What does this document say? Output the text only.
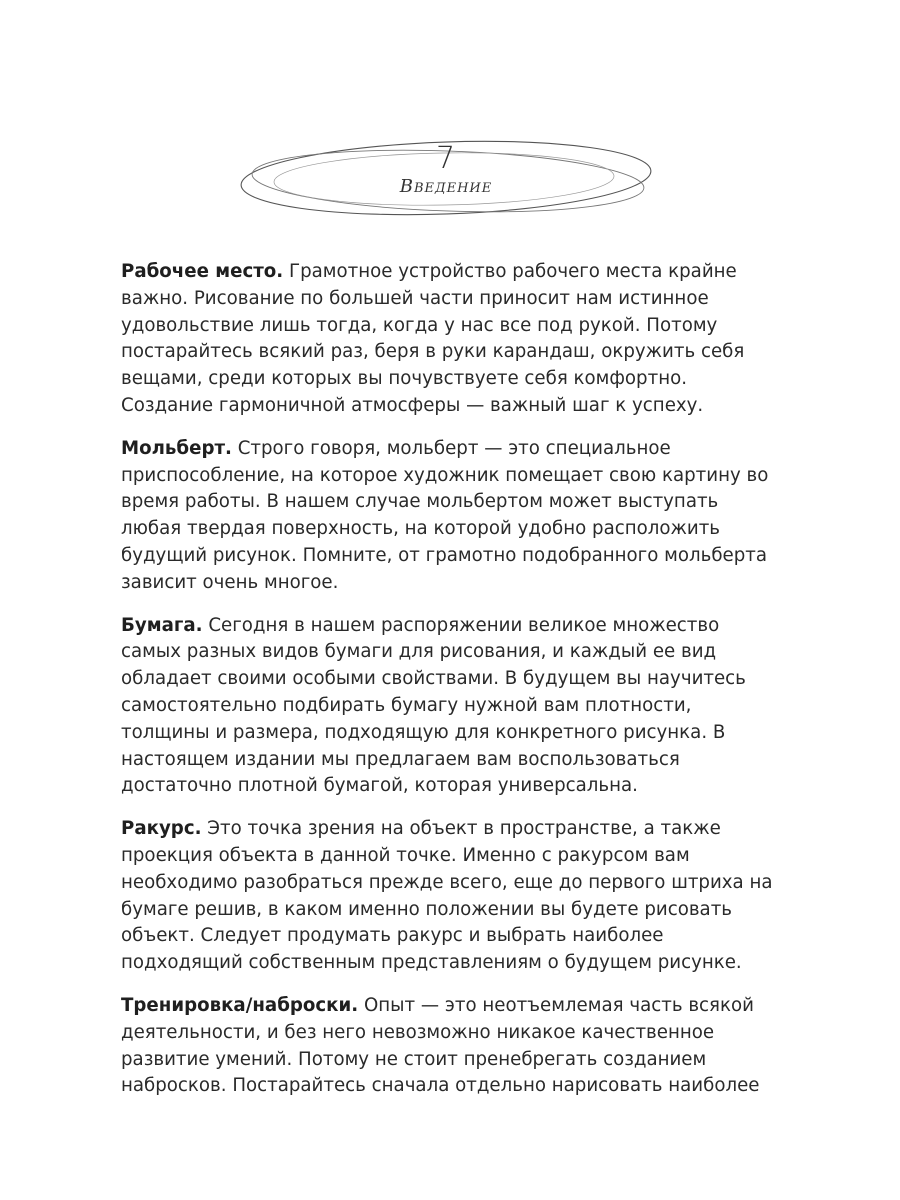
7
Введение

Рабочее место. Грамотное устройство рабочего места крайне важно. Рисование по большей части приносит нам истинное удовольствие лишь тогда, когда у нас все под рукой. Потому постарайтесь всякий раз, беря в руки карандаш, окружить себя вещами, среди которых вы почувствуете себя комфортно. Создание гармоничной атмосферы — важный шаг к успеху.

Мольберт. Строго говоря, мольберт — это специальное приспособление, на которое художник помещает свою картину во время работы. В нашем случае мольбертом может выступать любая твердая поверхность, на которой удобно расположить будущий рисунок. Помните, от грамотно подобранного мольберта зависит очень многое.

Бумага. Сегодня в нашем распоряжении великое множество самых разных видов бумаги для рисования, и каждый ее вид обладает своими особыми свойствами. В будущем вы научитесь самостоятельно подбирать бумагу нужной вам плотности, толщины и размера, подходящую для конкретного рисунка. В настоящем издании мы предлагаем вам воспользоваться достаточно плотной бумагой, которая универсальна.

Ракурс. Это точка зрения на объект в пространстве, а также проекция объекта в данной точке. Именно с ракурсом вам необходимо разобраться прежде всего, еще до первого штриха на бумаге решив, в каком именно положении вы будете рисовать объект. Следует продумать ракурс и выбрать наиболее подходящий собственным представлениям о будущем рисунке.

Тренировка/наброски. Опыт — это неотъемлемая часть всякой деятельности, и без него невозможно никакое качественное развитие умений. Потому не стоит пренебрегать созданием набросков. Постарайтесь сначала отдельно нарисовать наиболее
